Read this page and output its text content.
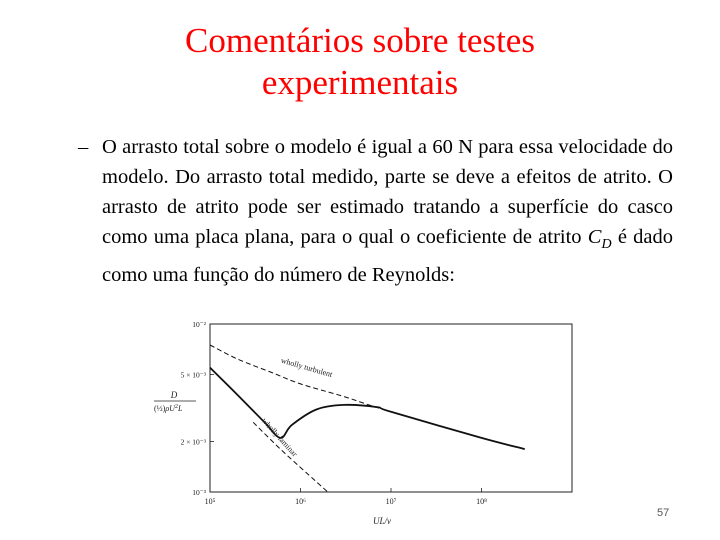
Comentários sobre testes
experimentais
– O arrasto total sobre o modelo é igual a 60 N para essa velocidade do modelo. Do arrasto total medido, parte se deve a efeitos de atrito. O arrasto de atrito pode ser estimado tratando a superfície do casco como uma placa plana, para o qual o coeficiente de atrito $C_D$ é dado como uma função do número de Reynolds:
D
$(\frac{1}{2})\rho U^2L$
UL/ν
10⁵	10⁶	10⁷	10⁸
10⁻²
5 × 10⁻³
2 × 10⁻³
10⁻³
wholly turbulent
wholly laminar
57
